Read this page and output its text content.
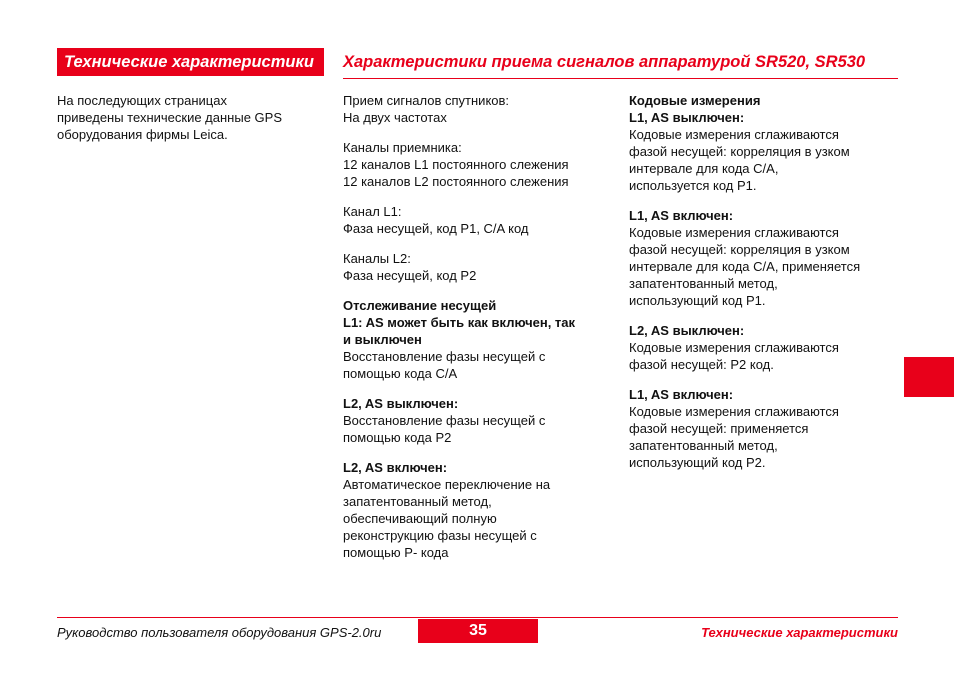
Технические характеристики	Характеристики приема сигналов аппаратурой SR520, SR530

На последующих страницах

приведены технические данные GPS

оборудования фирмы Leica.

Прием сигналов спутников:

На двух частотах

Каналы приемника:

12 каналов L1 постоянного слежения

12 каналов L2 постоянного слежения

Канал L1:

Фаза несущей, код P1, C/A код

Каналы L2:

Фаза несущей, код P2

Отслеживание несущей

L1: AS может быть как включен, так

и выключен

Восстановление фазы несущей с

помощью кода C/A

L2, AS выключен:

Восстановление фазы несущей с

помощью кода P2

L2, AS включен:

Автоматическое переключение на

запатентованный метод,

обеспечивающий полную

реконструкцию фазы несущей с

помощью P- кода

Кодовые измерения

L1, AS выключен:

Кодовые измерения сглаживаются

фазой несущей: корреляция в узком

интервале для кода C/A,

используется код P1.

L1, AS включен:

Кодовые измерения сглаживаются

фазой несущей: корреляция в узком

интервале для кода C/A, применяется

запатентованный метод,

использующий код P1.

L2, AS выключен:

Кодовые измерения сглаживаются

фазой несущей: P2 код.

L1, AS включен:

Кодовые измерения сглаживаются

фазой несущей: применяется

запатентованный метод,

использующий код P2.

Руководство пользователя оборудования GPS-2.0ru	35	Технические характеристики
